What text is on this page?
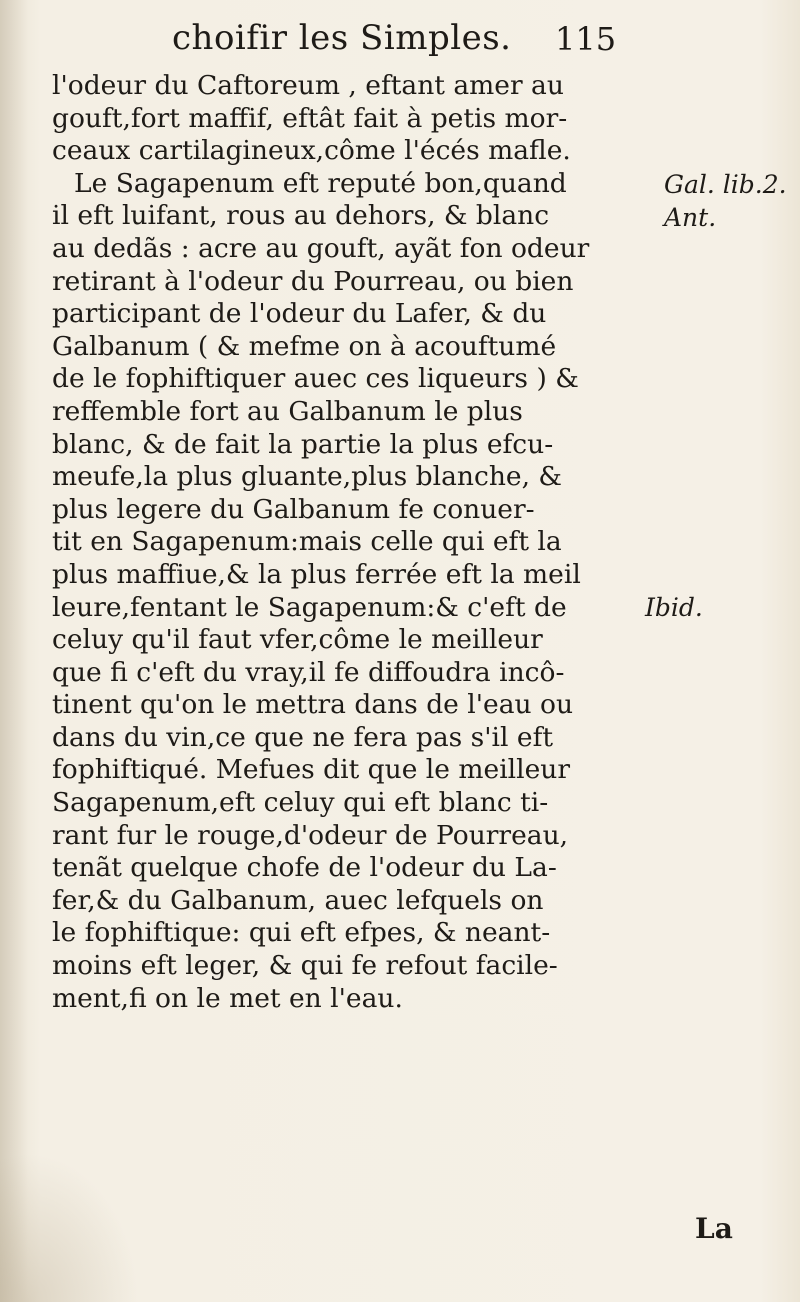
choifir les Simples. 115
l'odeur du Caftoreum , eftant amer au
gouft,fort maffif, eftât fait à petis mor-
ceaux cartilagineux,côme l'écés mafle.
Le Sagapenum eft reputé bon,quand
il eft luifant, rous au dehors, & blanc
au dedãs : acre au gouft, ayãt fon odeur
retirant à l'odeur du Pourreau, ou bien
participant de l'odeur du Lafer, & du
Galbanum ( & mefme on à acouftumé
de le fophiftiquer auec ces liqueurs ) &
reffemble fort au Galbanum le plus
blanc, & de fait la partie la plus efcu-
meufe,la plus gluante,plus blanche, &
plus legere du Galbanum fe conuer-
tit en Sagapenum:mais celle qui eft la
plus maffiue,& la plus ferrée eft la meil
leure,fentant le Sagapenum:& c'eft de
celuy qu'il faut vfer,côme le meilleur
que fi c'eft du vray,il fe diffoudra incô-
tinent qu'on le mettra dans de l'eau ou
dans du vin,ce que ne fera pas s'il eft
fophiftiqué. Mefues dit que le meilleur
Sagapenum,eft celuy qui eft blanc ti-
rant fur le rouge,d'odeur de Pourreau,
tenãt quelque chofe de l'odeur du La-
fer,& du Galbanum, auec lefquels on
le fophiftique: qui eft efpes, & neant-
moins eft leger, & qui fe refout facile-
ment,fi on le met en l'eau.
Gal. lib.2.
Ant.
Ibid.
La
